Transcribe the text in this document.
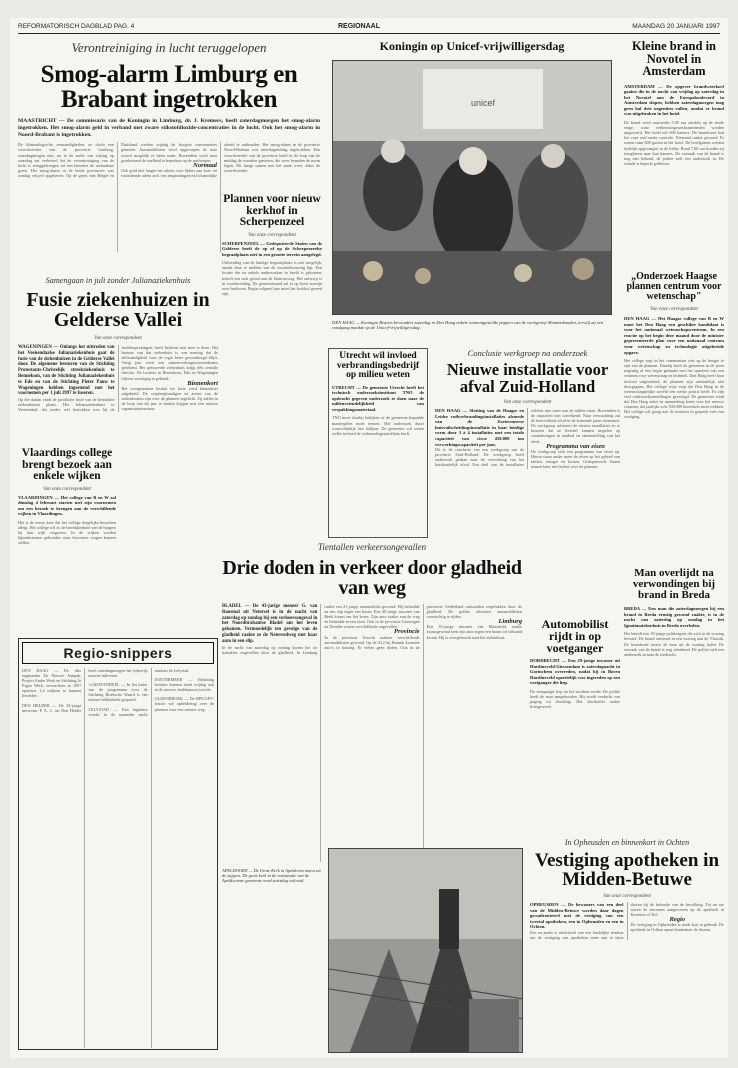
REFORMATORISCH DAGBLAD PAG. 4	REGIONAAL	MAANDAG 20 JANUARI 1997
Verontreiniging in lucht teruggelopen
Smog-alarm Limburg en Brabant ingetrokken
MAASTRICHT — De commissaris van de Koningin in Limburg, dr. J. Kremers, heeft zaterdagmorgen het smog-alarm ingetrokken. Het smog-alarm geld in verband met zware stikstofdioxide-concentraties in de lucht. Ook het smog-alarm in Noord-Brabant is ingetrokken.
De klimatologische omstandigheden, zo docht een woordvoerder van de provincie Limburg, zaterdagmorgen niet, nu in de nacht van vrijdag op zaterdag zat verbeterd dat de verontreiniging van de lucht is teruggedrongen tot een beneden de toelaatbare grens. Het smog-alarm in de beide provincies was zondag vrijwel opgeheven. Op de grens met België en Duitsland werden vrijdag de hoogste concentraties gemeten. Automobilisten werd opgeroepen de auto zoveel mogelijk te laten staan. Bovendien werd men geadviseerd de snelheid te beperken op de snelwegen.
Normaal
Ook gold niet langer het advies voor lijders aan kort- en vastzittende adem zich van inspanningen en lichamelijke arbeid te onthouden. Het smog-alarm in de provincie Noord-Brabant was zaterdagmiddag ingetrokken. Eén woordvoerder van de provincie heeft in de loop van de middag de waarden gemeten, die weer beneden de norm lagen. Dit hangt samen met het natte weer, aldus de woordvoerder.
Koningin op Unicef-vrijwilligersdag
unicef
DEN HAAG — Koningin Beatrix bewondert zaterdag in Den Haag enkele tentoongestelde poppen van de werkgroep Mommekanden, terwijl zij een rondgang maakte op de Unicef-vrijwilligersdag.
Kleine brand in Novotel in Amsterdam
AMSTERDAM — De opgever brandweerkorf gaaien die in de nacht van vrijdag op zaterdag in het Novotel aan de Europaboulevard in Amsterdam slopen, hebben zaterdagmorgen toag geen hal drie negentien vullen, omdat er brand was uitgebroken in het hotel.
De brand werd omstreeks 5.00 uur ontdekt op de zesde etage, waar verbouwingswerkzaamheden worden uitgevoerd. Het hotel telt 600 kamers. De brandweer had het vuur snel onder controle. Niemand raakte gewond. Er waren ruim 600 gasten in het hotel. De hotelgasten werden tijdelijk opgevangen in de lobby. Rond 7.00 uur konden zij terugkeren naar hun kamers. De oorzaak van de brand is nog niet bekend, de politie stelt een onderzoek in. De schade is beperkt gebleven.
„Onderzoek Haagse plannen centrum voor wetenschap"
Van onze correspondent
DEN HAAG — Het Haagse college van B en W moet het Den Haag een geschikte kandidaat is voor het nationaal wetenschapscentrum. In een reactie op het begin deze maand door de minister gepresenteerde plan voor een nationaal centrum voor wetenschap en technologie uitgebreide opgave.
Het college zegt in het commentaar niet op de hoogte te zijn van de plannen. Daarbij heeft de gemeente in de jaren negentig al een begin gemaakt met het opzetten van een centrum voor wetenschap en techniek. Den Haag heeft haar invloed uitgeoefend, de plannen zijn uiteindelijk niet doorgegaan. Het college wijst erop dat Den Haag in de wetenschappelijke wereld een sterke positie heeft. Er zijn veel onderzoeksinstellingen gevestigd. De gemeente vindt dat Den Haag zeker in aanmerking komt voor het nieuwe centrum, dat jaarlijks zo'n 500.000 bezoekers moet trekken. Het college wil graag met de minister in gesprek over een vestiging.
Plannen voor nieuw kerkhof in Scherpenzeel
Van onze correspondent
SCHERPENZEEL — Gedeputeerde Staten van de Gelderse heeft de op of op de Scherpenzeelse begraafplaats niet in een grootte terrein aangelegd.
Uitbreiding van de huidige begraafplaats is niet mogelijk, omdat deze te midden van de woonbebouwing ligt. Een locatie die na enkele onderzoeken in beeld is gekomen, betreft een stuk grond aan de Stationsweg. Het ontwerp is in voorbereiding. De gemeenteraad zal er op korte termijn over beslissen. Begin volgend jaar moet het kerkhof gereed zijn.
Samengaan in juli zonder Julianaziekenhuis
Fusie ziekenhuizen in Gelderse Vallei
Van onze correspondent
WAGENINGEN — Onlangs het uittreden van het Veenendaalse Julianaziekenhuis gaat de fusie van de ziekenhuizen in de Gelderse Vallei door. De algemene besturen van de Stichting Protestants-Christelijk streekziekenhuis te Bennekom, van de Stichting Julianaziekenhuis te Ede en van de Stichting Pieter Pauw te Wageningen hebben ingestemd met het voornemen per 1 juli 1997 te fuseren.
Op die datum vindt de juridische fusie van de betrokken ziekenhuizen plaats. Het Julianaziekenhuis in Veenendaal, dat eerder wel betrokken was bij de fusiebesprekingen, heeft besloten niet mee te doen. Het bestuur van dat ziekenhuis is van mening dat de zelfstandigheid voor de regio beter gewaarborgd blijft. Vorig jaar werd een samenwerkingsovereenkomst getekend. Het gefuseerde ziekenhuis krijgt één centrale directie. De locaties in Bennekom, Ede en Wageningen blijven voorlopig in gebruik.
Binnenkort
Het voorgenomen besluit tot fusie werd binnenkort uitgebreid. De verpleegkundigen en artsen van de ziekenhuizen zijn over de plannen ingelicht. Zij zullen in de loop van dit jaar te maken krijgen met een nieuwe organisatiestructuur.
Vlaardings college brengt bezoek aan enkele wijken
Van onze correspondent
VLAARDINGEN — Het college van B en W zal dinsdag 4 februari starten met zijn voornemen om een bezoek te brengen aan de verschillende wijken in Vlaardingen.
Het is de eerste keer dat het college dergelijke bezoeken aflegt. Het college wil zo de betrokkenheid van de burgers bij hun wijk vergroten. In de wijken worden bijeenkomsten gehouden waar bewoners vragen kunnen stellen.
Utrecht wil invloed verbrandingsbedrijf op milieu weten
UTRECHT — De gemeente Utrecht heeft het technisch onderzoeksinstituut TNO de opdracht gegeven onderzoek te doen naar de milieuvriendelijkheid van verpakkingsmateriaal.
TNO moet daarbij bekijken of de gemeente bepaalde maatregelen moet nemen. Het onderzoek duurt waarschijnlijk een halfjaar. De gemeente wil weten welke invloed de verbrandingsinstallatie heeft.
Conclusie werkgroep na onderzoek
Nieuwe installatie voor afval Zuid-Holland
Van onze correspondent
DEN HAAG — Slotting van de Haagse en Leidse vuilverbrandingsinstallaties alsmede van de Zoetermeerse huisvuilscheidingsinstallatie in haar huidige vorm door 3 à 4 installaties met een totale capaciteit van circa 450.000 ton verwerkingscapaciteit per jaar.
Dit is de conclusie van een werkgroep van de provincie Zuid-Holland. De werkgroep heeft onderzoek gedaan naar de verwerking van het huishoudelijk afval. Een deel van de installaties voldoet niet meer aan de milieu-eisen. Bovendien is de capaciteit niet toereikend. Naar verwachting zal de hoeveelheid afval in de komende jaren toenemen. De werkgroep adviseert de nieuwe installaties zo te bouwen dat ze flexibel kunnen inspelen op veranderingen in aanbod en samenstelling van het afval.
Programma van eisen
De werkgroep stelt een programma van eisen op. Hierin staan onder meer de eisen op het gebied van milieu, energie en kosten. Gedeputeerde Staten nemen later een besluit over de plannen.
Automobilist rijdt in op voetganger
DORDRECHT — Een 29-jarige inwoner uit Hardinxveld-Giessendam is zaterdagnacht in Gorinchem overreden, nadat hij in Bocen Hardinxveld opzettelijk was ingereden op een voetganger die liep.
De voetganger liep na het incident verder. De politie heeft de man aangehouden. Hij wordt verdacht van poging tot doodslag. Het slachtoffer raakte lichtgewond.
Man overlijdt na verwondingen bij brand in Breda
BREDA — Een man die zaterdagmorgen bij een brand in Breda ernstig gewond raakte, is in de nacht van zaterdag op zondag in het Ignatiusziekenhuis in Breda overleden.
Het betreft een 18-jarige politieagent die zich in de woning bevond. De brand ontstond in een woning aan de Vlaszak. De brandweer moest de man uit de woning halen. De oorzaak van de brand is nog onbekend. De politie stelt een onderzoek in naar de toedracht.
Tientallen verkeersongevallen
Drie doden in verkeer door gladheid van weg
BLADEL — De 43-jarige meneer G. van Roosmal uit Netersel is in de nacht van zaterdag op zondag bij een verkeersongeval in het Noordbrabantse Bladel om het leven gekomen. Vermoedelijk ten gevolge van de gladheid raakte ze de Netersedweg met haar auto in een slip.
In de nacht van zaterdag op zondag kwam het tot tientallen ongevallen door de gladheid. In Limburg raakte een 21-jarige automobilist gewond. Hij belandde na een slip tegen een boom. Een 48-jarige inwoner van Beek kwam om het leven. Zijn auto raakte van de weg en belandde in een sloot. Ook in de provincie Groningen en Drenthe waren verschillende ongevallen.
Provincie
In de provincie Utrecht raakten verschillende automobilisten gewond. Op de A12 bij Bunnik kwamen auto's in botsing. Er vielen geen doden. Ook in de provincie Gelderland ontstonden ongelukken door de gladheid. De politie adviseert automobilisten voorzichtig te rijden.
Limburg
Een 33-jarige inwoner van Maastricht raakte zwaargewond toen zijn auto tegen een boom tot stilstand kwam. Hij is overgebracht naar het ziekenhuis.
APELDOORN — De Grote Kerk in Apeldoorn moest uit de stijgers. De grote kerk in de restauratie van de Apeldoornse gemeente werd zaterdag voltooid.
Regio-snippers

DEN HAAG — De drie organisatie De Nieuwe Aanpak, Project Ander Werk en Stichting Jo Eigen Werk, verwachten in 1997 opnieuw 1,4 miljoen te kunnen besteden.

DEN HELDER — De 29-jarige mevrouw P. A. C. uit Den Helder heeft zaterdagmorgen het rijbewijs moeten inleveren.

's-GRAVENDEEL — In het kader van de programma voor de Stichting Hoeksche Waard is een nieuwe bibliotheek geopend.

LELYSTAD — Een lugubere vondst in de maanden nacht rondom de Lelystad.

ZOETERMEER — Belasting betalers kunnen sinds vrijdag ook in de nieuwe stadskantoor terecht.

OLDENBROEK — De BPF/GPV-fractie wil opheldering over de plannen voor een nieuwe weg.

In Opheusden en binnenkort in Ochten
Vestiging apotheken in Midden-Betuwe
Van onze correspondent
OPHEUSDEN — De bewoners van een deel van de Midden-Betuwe worden daar dagen geconfronteerd met de vestiging van een tweetal apotheken, een in Opheusden en een in Ochten.
Een en ander is uitvloeisel van een landelijke tendens om de vestiging van apotheken meer aan te laten sluiten bij de behoefte van de bevolking. Tot nu toe waren de inwoners aangewezen op de apotheek in Kesteren of Tiel.
Regio
De vestiging in Opheusden is sinds kort in gebruik. De apotheek in Ochten opent binnenkort de deuren.
